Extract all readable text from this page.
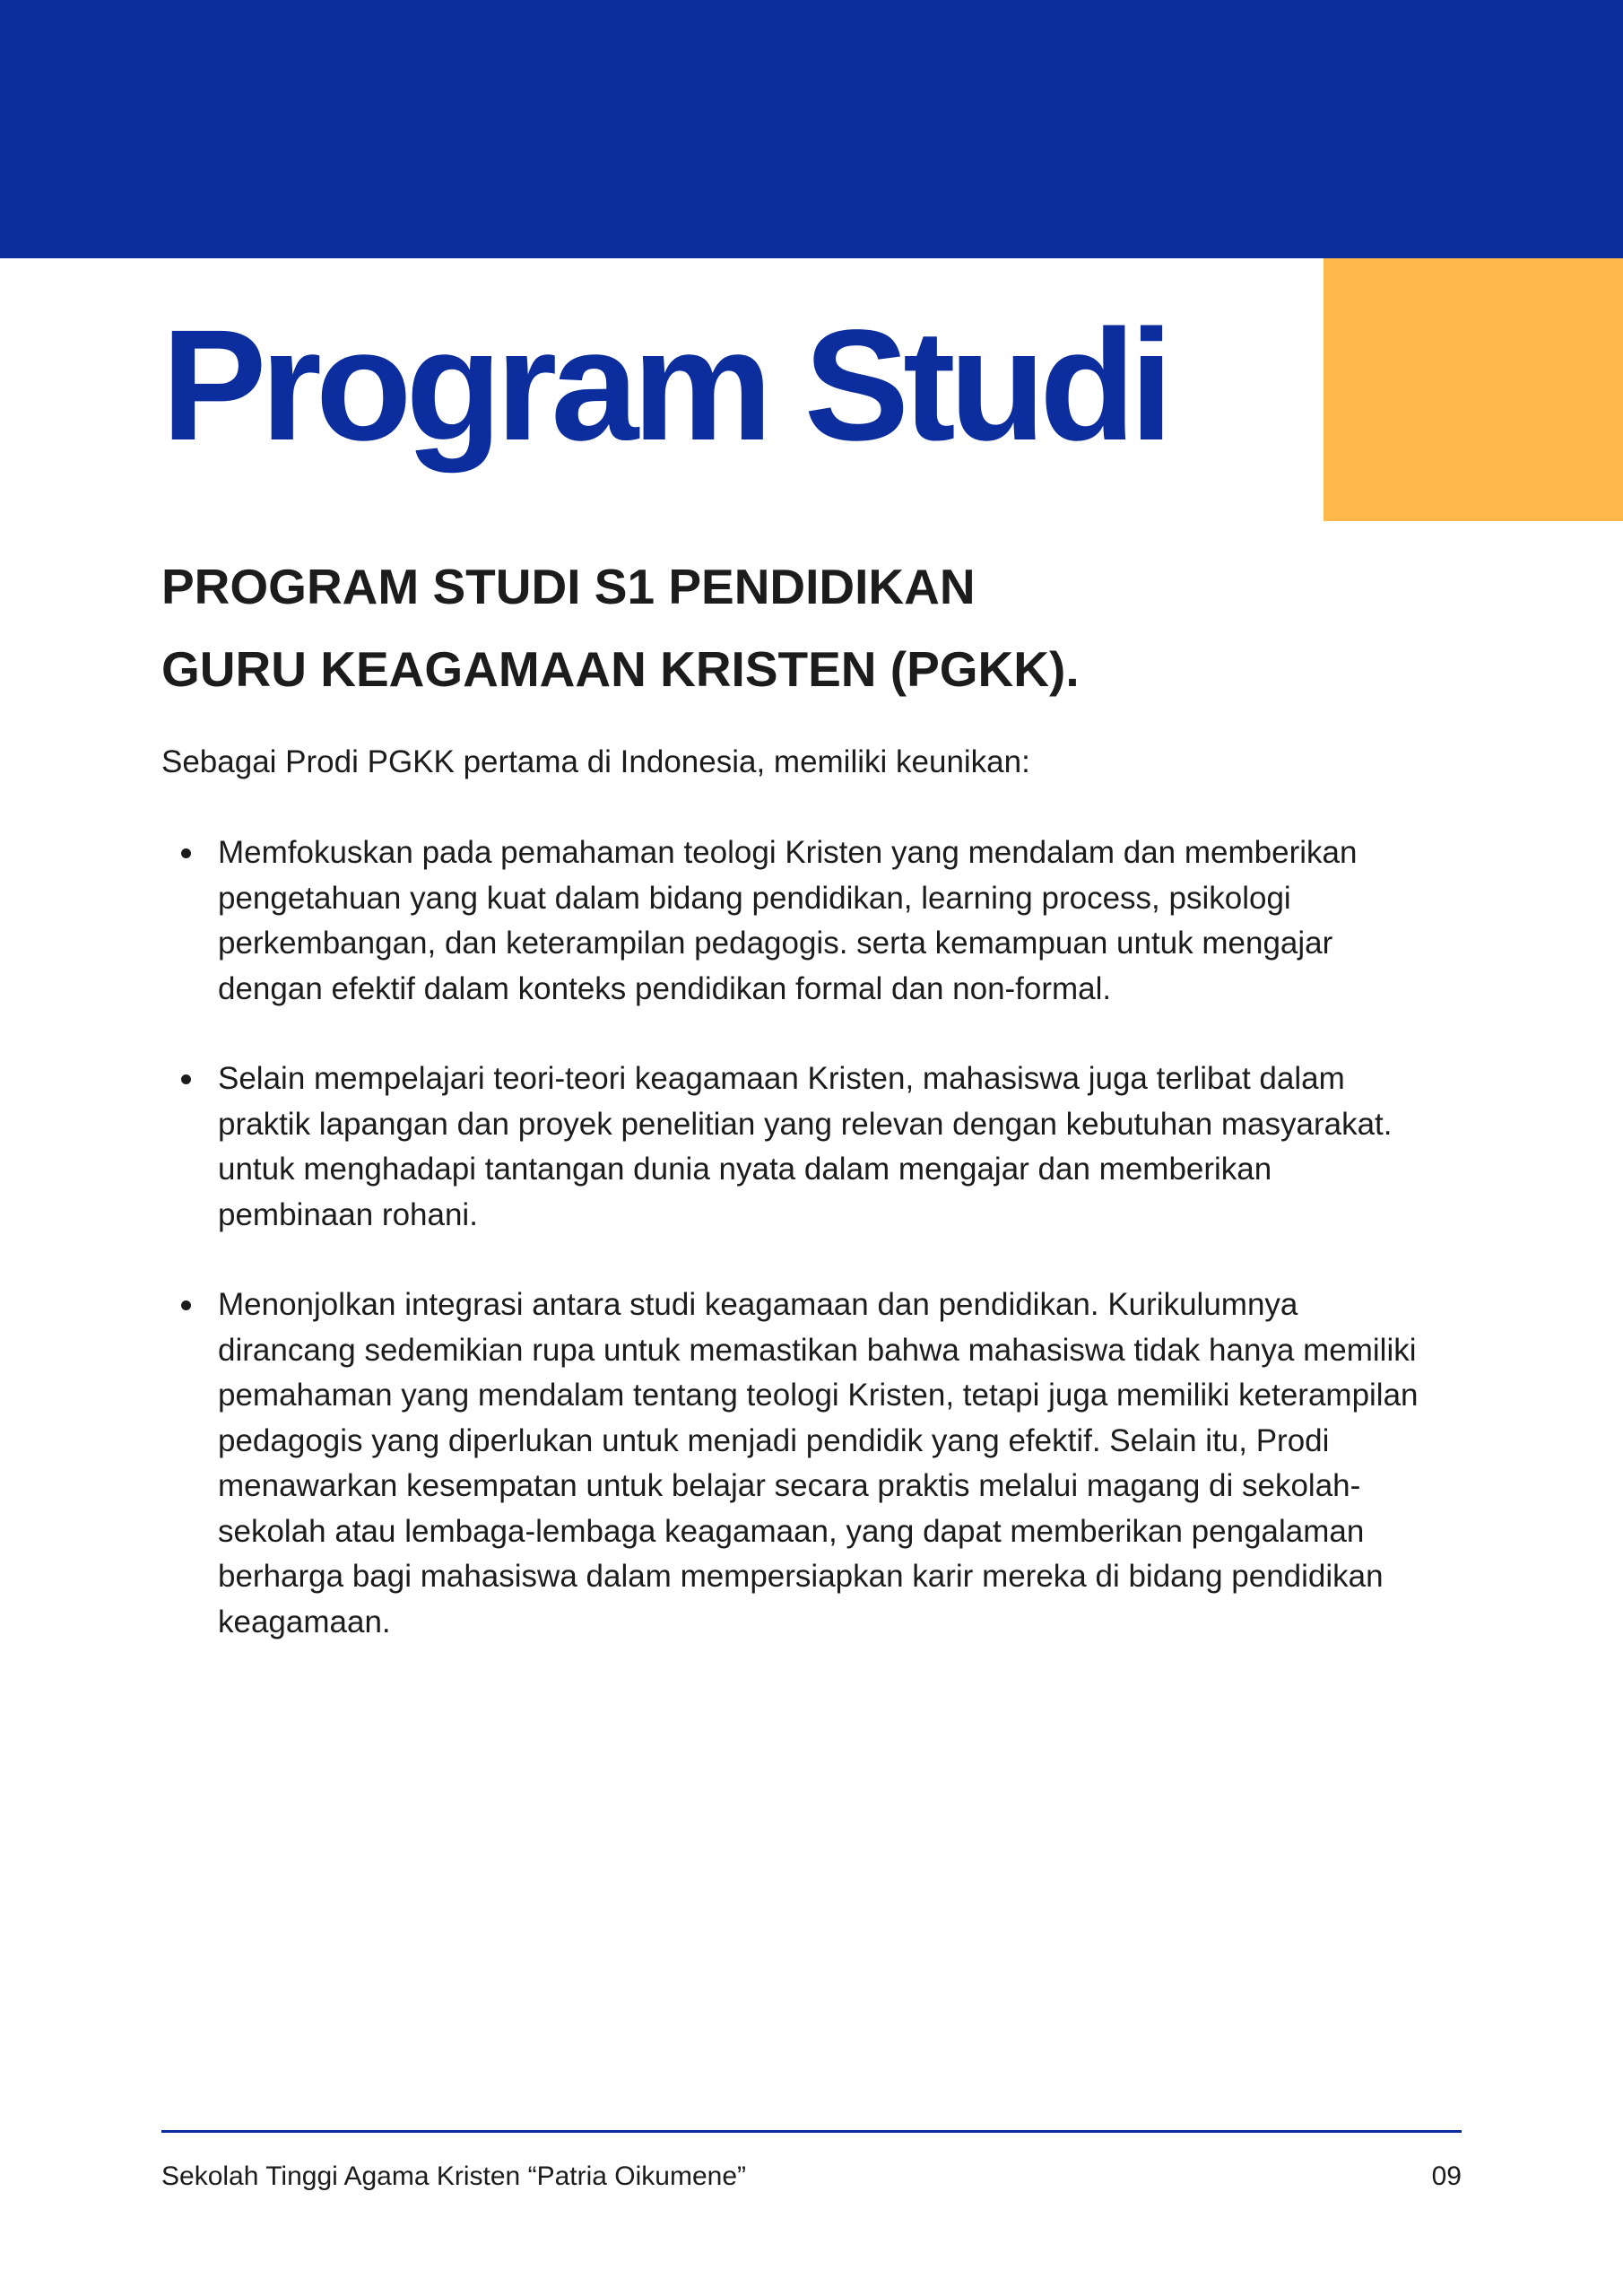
Program Studi
PROGRAM STUDI S1 PENDIDIKAN
GURU KEAGAMAAN KRISTEN (PGKK).

Sebagai Prodi PGKK pertama di Indonesia, memiliki keunikan:

Memfokuskan pada pemahaman teologi Kristen yang mendalam dan memberikan pengetahuan yang kuat dalam bidang pendidikan, learning process, psikologi perkembangan, dan keterampilan pedagogis. serta kemampuan untuk mengajar dengan efektif dalam konteks pendidikan formal dan non-formal.
Selain mempelajari teori-teori keagamaan Kristen, mahasiswa juga terlibat dalam praktik lapangan dan proyek penelitian yang relevan dengan kebutuhan masyarakat. untuk menghadapi tantangan dunia nyata dalam mengajar dan memberikan pembinaan rohani.
Menonjolkan integrasi antara studi keagamaan dan pendidikan. Kurikulumnya dirancang sedemikian rupa untuk memastikan bahwa mahasiswa tidak hanya memiliki pemahaman yang mendalam tentang teologi Kristen, tetapi juga memiliki keterampilan pedagogis yang diperlukan untuk menjadi pendidik yang efektif. Selain itu, Prodi menawarkan kesempatan untuk belajar secara praktis melalui magang di sekolah-sekolah atau lembaga-lembaga keagamaan, yang dapat memberikan pengalaman berharga bagi mahasiswa dalam mempersiapkan karir mereka di bidang pendidikan keagamaan.
Sekolah Tinggi Agama Kristen “Patria Oikumene”	09
